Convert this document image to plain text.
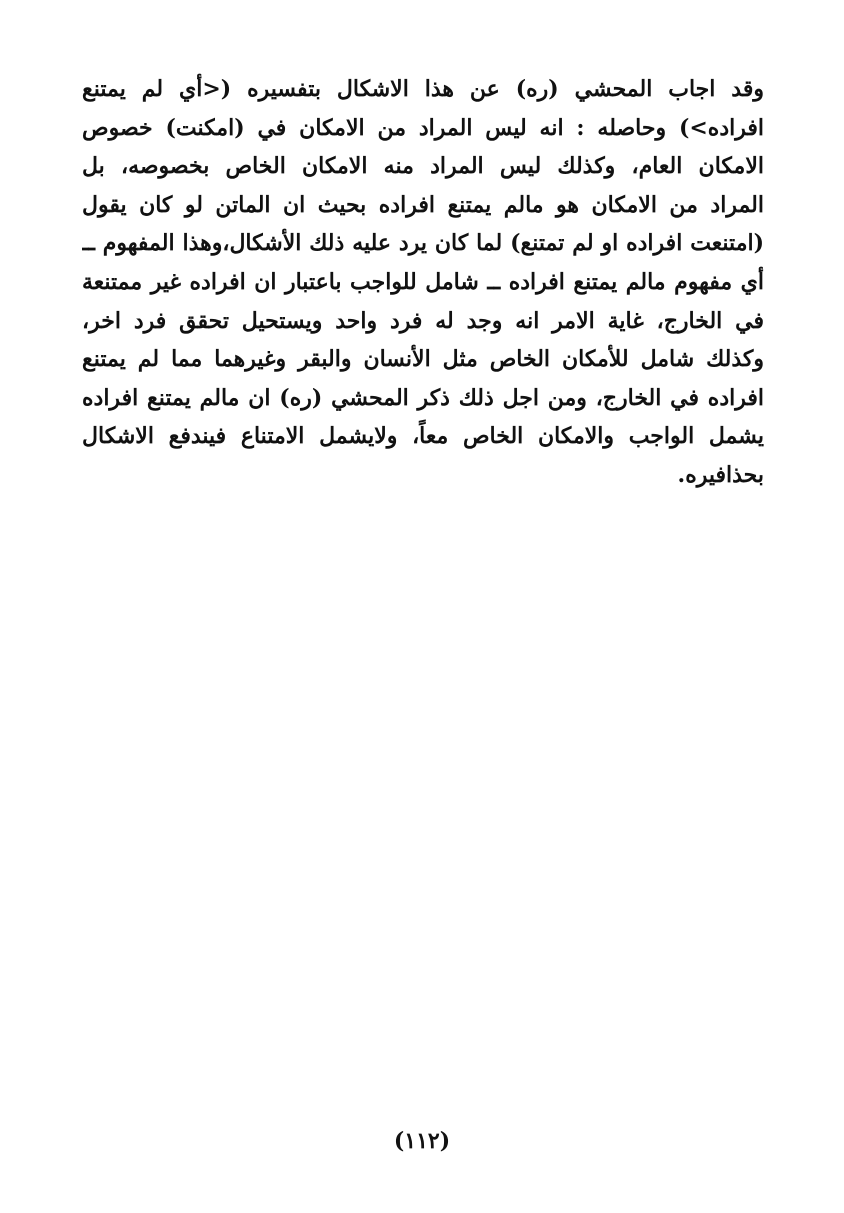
وقد اجاب المحشي (ره) عن هذا الاشكال بتفسيره (<أي لم يمتنع
افراده>) وحاصله : انه ليس المراد من الامكان في (امكنت) خصوص
الامكان العام، وكذلك ليس المراد منه الامكان الخاص بخصوصه، بل
المراد من الامكان هو مالم يمتنع افراده بحيث ان الماتن لو كان يقول
(امتنعت افراده او لم تمتنع) لما كان يرد عليه ذلك الأشكال،وهذا المفهوم ــ
أي مفهوم مالم يمتنع افراده ــ شامل للواجب باعتبار ان افراده غير ممتنعة
في الخارج، غاية الامر انه وجد له فرد واحد ويستحيل تحقق فرد اخر،
وكذلك شامل للأمكان الخاص مثل الأنسان والبقر وغيرهما مما لم يمتنع
افراده في الخارج، ومن اجل ذلك ذكر المحشي (ره) ان مالم يمتنع افراده
يشمل الواجب والامكان الخاص معاً، ولايشمل الامتناع فيندفع الاشكال
بحذافيره.
(١١٢)
